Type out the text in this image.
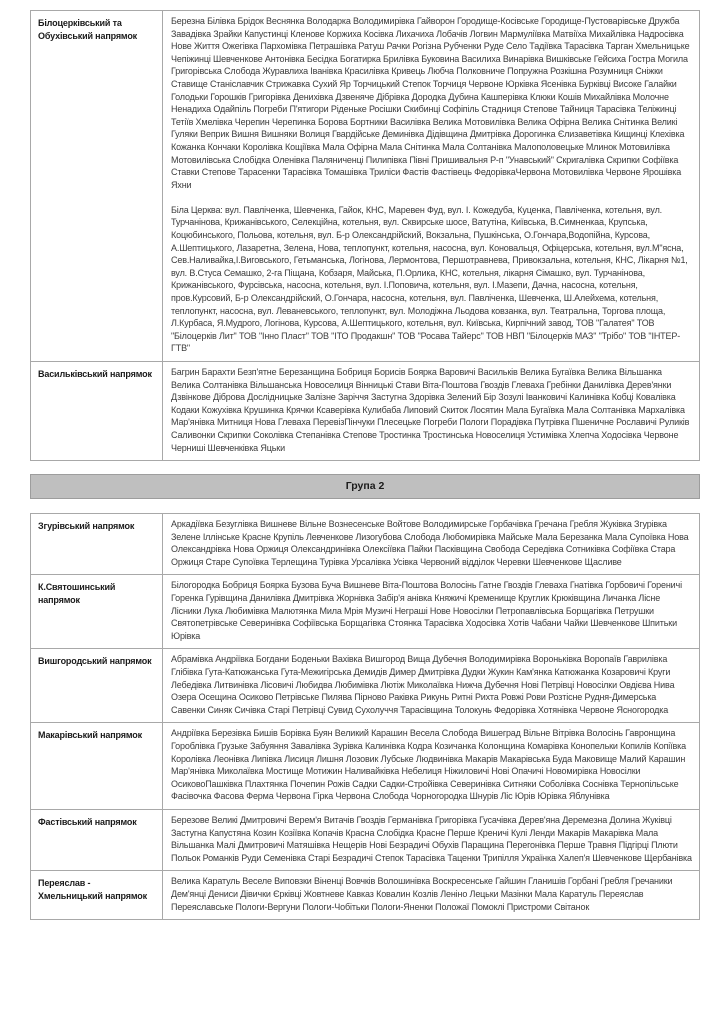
Білоцерківський та Обухівський напрямок	Березна Білівка Брідок Веснянка Володарка Володимирівка Гайворон Городище-Косівське Городище-Пустоварівське Дружба Завадівка Зрайки Капустинці Кленове Коржиха Косівка Лихачиха Лобачів Логвин Мармуліївка Матвіїха Михайлівка Надросівка Нове Життя Ожегівка Пархомівка Петрашівка Ратуш Рачки Рогізна Рубченки Руде Село Тадіївка Тарасівка Тарган Хмельницьке Чепіжинці Шевченкове Антонівка Бесідка Богатирка Брилівка Буковина Василиха Винарівка Вишківське Гейсиха Гостра Могила Григорівська Слобода Журавлиха Іванівка Красилівка Кривець Любча Полковниче Попружна Розкішна Розумниця Сніжки Ставище Станіславчик Стрижавка Сухий Яр Торчицький Степок Торчиця Червоне Юрківка Ясенівка Бурківці Високе Галайки Голодьки Горошків Григорівка Денихівка Дзвеняче Дібрівка Дородка Дубина Кашперівка Клюки Кошів Михайлівка Молочне Ненадиха Одайпіль Погреби П'ятигори Ріденьке Росішки Скибинці Софіпіль Стадниця Степове Тайниця Тарасівка Теліжинці Тетіїв Хмелівка Черепин Черепинка Борова Бортники Василівка Велика Мотовилівка Велика Офірна Велика Снітинка Великі Гуляки Веприк Вишня Вишняки Волиця Гвардійське Деминівка Дідівщина Дмитрівка Дорогинка Єлизаветівка Кищинці Клехівка Кожанка Кончаки Королівка Кощіївка Мала Офірна Мала Снітинка Мала Солтанівка Малополовецьке Млинок Мотовилівка Мотовилівська Слобідка Оленівка Паляниченці Пилипівка Півні Пришивальня Р-п "Унавський" Скригалівка Скрипки Софіївка Ставки Степове Тарасенки Тарасівка Томашівка Триліси Фастів Фастівець ФедорівкаЧервона Мотовилівка Червоне Ярошівка Яхни

Біла Церква: вул. Павліченка, Шевченка, Гайок, КНС, Маревен Фуд, вул. І. Кожедуба, Куценка, Павліченка, котельня, вул. Турчанінова, Крижанівського, Селекційна, котельня, вул. Сквирське шосе, Ватутіна, Київська, В.Симненкаа, Крупська, Коцюбинського, Польова, котельня, вул. Б-р Олександрійский, Вокзальна, Пушкінська, О.Гончара,Водопійна, Курсова, А.Шептицького, Лазаретна, Зелена, Нова, теплопункт, котельня, насосна, вул. Коновальця, Офіцерська, котельня, вул.М"ясна, Сев.Наливайка,І.Виговського, Гетьманська, Логінова, Лермонтова, Першотравнева, Привокзальна, котельня, КНС, Лікарня №1, вул. В.Стуса Семашко, 2-га Піщана, Кобзаря, Майська, П.Орлика, КНС, котельня, лікарня Сімашко, вул. Турчанінова, Крижанівського, Фурсівська, насосна, котельня, вул. І.Поповича, котельня, вул. І.Мазепи, Дачна, насосна, котельня, пров.Курсовий, Б-р Олександрійский, О.Гончара, насосна, котельня, вул. Павліченка, Шевченка, Ш.Алейхема, котельня, теплопункт, насосна, вул. Леваневського, теплопункт, вул. Молодіжна Льодова ковзанка, вул. Театральна, Торгова площа, Л.Курбаса, Я.Мудрого, Логінова, Курсова, А.Шептицького, котельня, вул. Київська, Кирпічний завод, ТОВ "Галатея" ТОВ "Білоцерків Лит" ТОВ "Інно Пласт" ТОВ "ІТО Продакшн" ТОВ "Росава Тайерс" ТОВ НВП "Білоцерків МАЗ" "Трібо" ТОВ "ІНТЕР-ГТВ"

Васильківський напрямок	Багрин Барахти Безп'ятне Березанщина Бобриця Борисів Боярка Варовичі Васильків Велика Бугаївка Велика Вільшанка Велика Солтанівка Вільшанська Новоселиця Вінницькі Стави Віта-Поштова Гвоздів Глеваха Гребінки Данилівка Дерев'янки Дзвінкове Діброва Дослідницьке Залізне Заріччя Застугна Здорівка Зелений Бір Зозулі Іванковичі Калинівка Кобці Ковалівка Кодаки Кожухівка Крушинка Крячки Ксаверівка Кулибаба Липовий Скиток Лосятин Мала Бугаївка Мала Солтанівка Мархалівка Мар'янівка Митниця Нова Глеваха ПеревізПінчуки Плесецьке Погреби Пологи Порадівка Путрівка Пшеничне Рославичі Руликів Саливонки Скрипки Соколівка Степанівка Степове Тростинка Тростинська Новоселиця Устимівка Хлепча Ходосівка Червоне Черниші Шевченківка Яцьки

Група 2
Згурівський напрямок	Аркадіївка Безуглівка Вишневе Вільне Вознесенське Войтове Володимирське Горбачівка Гречана Гребля Жуківка Згурівка Зелене Іллінське Красне Крупіль Левченкове Лизогубова Слобода Любомирівка Майське Мала Березанка Мала Супоївка Нова Олександрівка Нова Оржиця Олександринівка Олексіївка Пайки Пасківщина Свобода Середівка Сотниківка Софіївка Стара Оржиця Старе Супоївка Терлещина Турівка Урсалівка Усівка Червоний відділок Черевки Шевченкове Щасливе

К.Святошинський напрямок	Білогородка Бобриця Боярка Бузова Буча Вишневе Віта-Поштова Волосінь Гатне Гвоздів Глеваха Гнатівка Горбовичі Гореничі Горенка Гурівщина Данилівка Дмитрівка Жорнівка Забір'я анівка Княжичі Кременище Круглик Крюківщина Личанка Лісне Лісники Лука Любимівка Малютянка Мила Мрія Музичі Неграші Нове Новосілки Петропавлівська Борщагівка Петрушки Святопетрівське Северинівка Софіївська Борщагівка Стоянка Тарасівка Ходосівка Хотів Чабани Чайки Шевченкове Шпитьки Юрівка

Вишгородський напрямок	Абрамівка Андріївка Богдани Боденьки Вахівка Вишгород Вища Дубечня Володимирівка Вороньківка Воропаїв Гаврилівка Глібівка Гута-Катюжанська Гута-Межигірська Демидів Димер Дмитрівка Дудки Жукин Кам'янка Катюжанка Козаровичі Круги Лебедівка Литвинівка Лісовичі Любидва Любимівка Лютіж Миколаївка Нижча Дубечня Нові Петрівці Новосілки Овдієва Нива Озера Осещина Осиково Петрівське Пилява Пірново Раківка Рикунь Ритні Рихта Ровжі Рови Розтісне Рудня-Димерська Савенки Синяк Сичівка Старі Петрівці Сувид Сухолуччя Тарасівщина Толокунь Федорівка Хотянівка Червоне Ясногородка

Макарівський напрямок	Андріївка Березівка Бишів Борівка Буян Великий Карашин Весела Слобода Вишеград Вільне Вітрівка Волосінь Гавронщина Гороблівка Грузьке Забуяння Завалівка Зурівка Калинівка Кодра Козичанка Колонщина Комарівка Конопельки Копилів Копіївка Королівка Леонівка Липівка Лисиця Лишня Лозовик Лубське Людвинівка Макарів Макарівська Буда Маковище Малий Карашин Мар'янівка Миколаївка Мостище Мотижин Наливайківка Небелиця Ніжиловичі Нові Опачичі Новомирівка Новосілки ОсиковоПашківка Плахтянка Почепин Рожів Садки Садки-Стройівка Северинівка Ситняки Соболівка Соснівка Тернопільське Фасівочка Фасова Ферма Червона Гірка Червона Слобода Чорногородка Шнурів Ліс Юрів Юрівка Яблунівка

Фастівський напрямок	Березове Великі Дмитровичі Верем'я Витачів Гвоздів Германівка Григорівка Гусачівка Дерев'яна Деремезна Долина Жуківці Застугна Капустяна Козин Козіївка Копачів Красна Слобідка Красне Перше Креничі Кулі Ленди Макарів Макарівка Мала Вільшанка Малі Дмитровичі Матяшівка Нещерів Нові Безрадичі Обухів Паращина Перегонівка Перше Травня Підгірці Плюти Польок Романків Руди Семенівка Старі Безрадичі Степок Тарасівка Таценки Трипілля Українка Халеп'я Шевченкове Щербанівка

Переяслав - Хмельницький напрямок	Велика Каратуль Веселе Виповзки Віненці Вовчків Волошинівка Воскресенське Гайшин Гланишів Горбані Гребля Гречаники Дем'янці Дениси Дівички Єрківці Жовтневе Кавказ Ковалин Козлів Леніно Лецьки Мазінки Мала Каратуль Переяслав Переяславське Пологи-Вергуни Пологи-Чобітьки Пологи-Яненки Положаї Помоклі Пристроми Світанок
